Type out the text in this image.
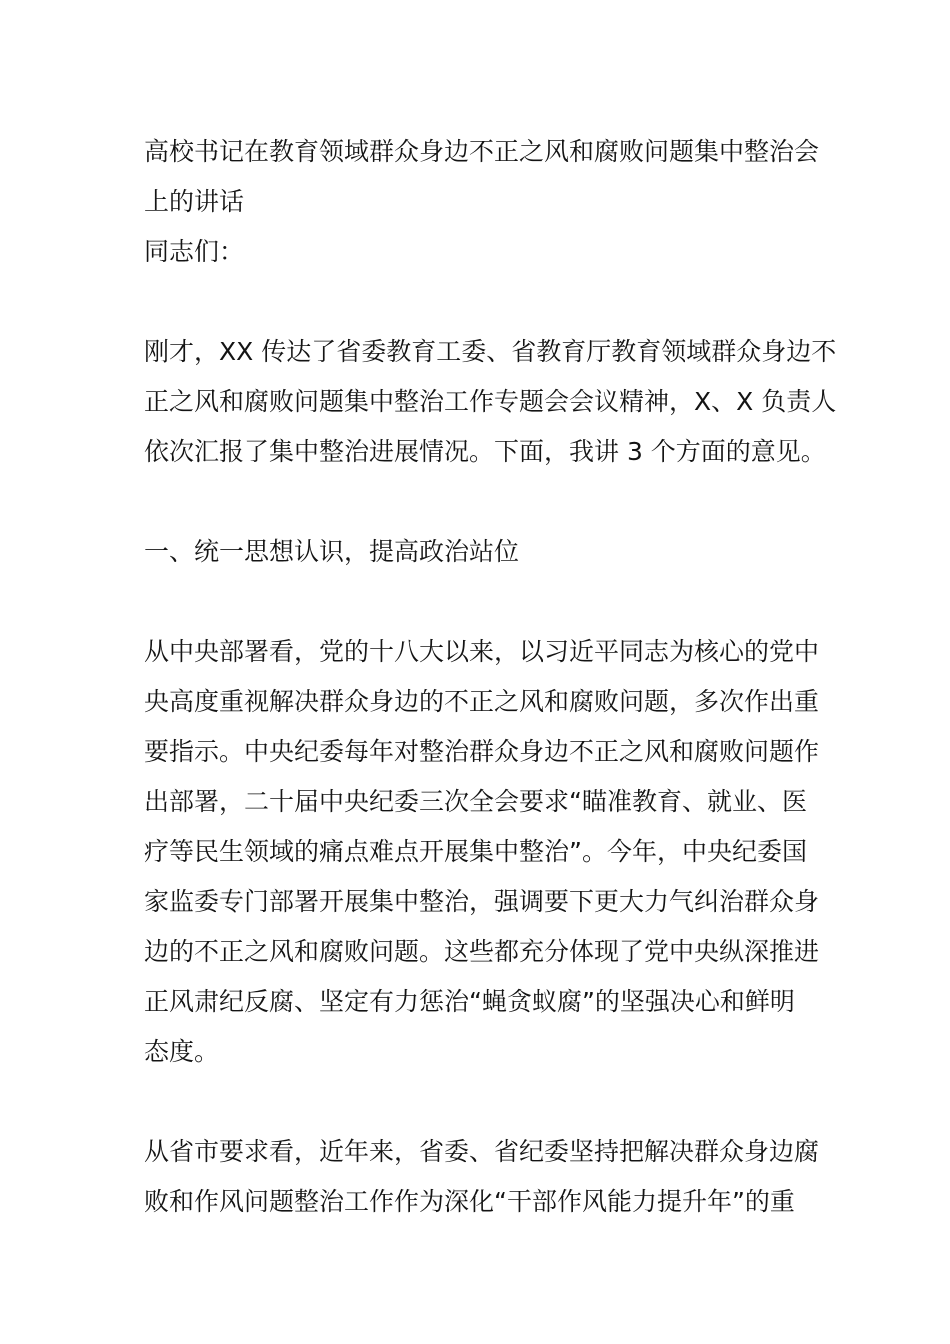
高校书记在教育领域群众身边不正之风和腐败问题集中整治会
上的讲话
同志们：
刚才，XX 传达了省委教育工委、省教育厅教育领域群众身边不
正之风和腐败问题集中整治工作专题会会议精神，X、X 负责人
依次汇报了集中整治进展情况。下面，我讲 3 个方面的意见。
一、统一思想认识，提高政治站位
从中央部署看，党的十八大以来，以习近平同志为核心的党中
央高度重视解决群众身边的不正之风和腐败问题，多次作出重
要指示。中央纪委每年对整治群众身边不正之风和腐败问题作
出部署，二十届中央纪委三次全会要求“瞄准教育、就业、医
疗等民生领域的痛点难点开展集中整治”。今年，中央纪委国
家监委专门部署开展集中整治，强调要下更大力气纠治群众身
边的不正之风和腐败问题。这些都充分体现了党中央纵深推进
正风肃纪反腐、坚定有力惩治“蝇贪蚁腐”的坚强决心和鲜明
态度。
从省市要求看，近年来，省委、省纪委坚持把解决群众身边腐
败和作风问题整治工作作为深化“干部作风能力提升年”的重
